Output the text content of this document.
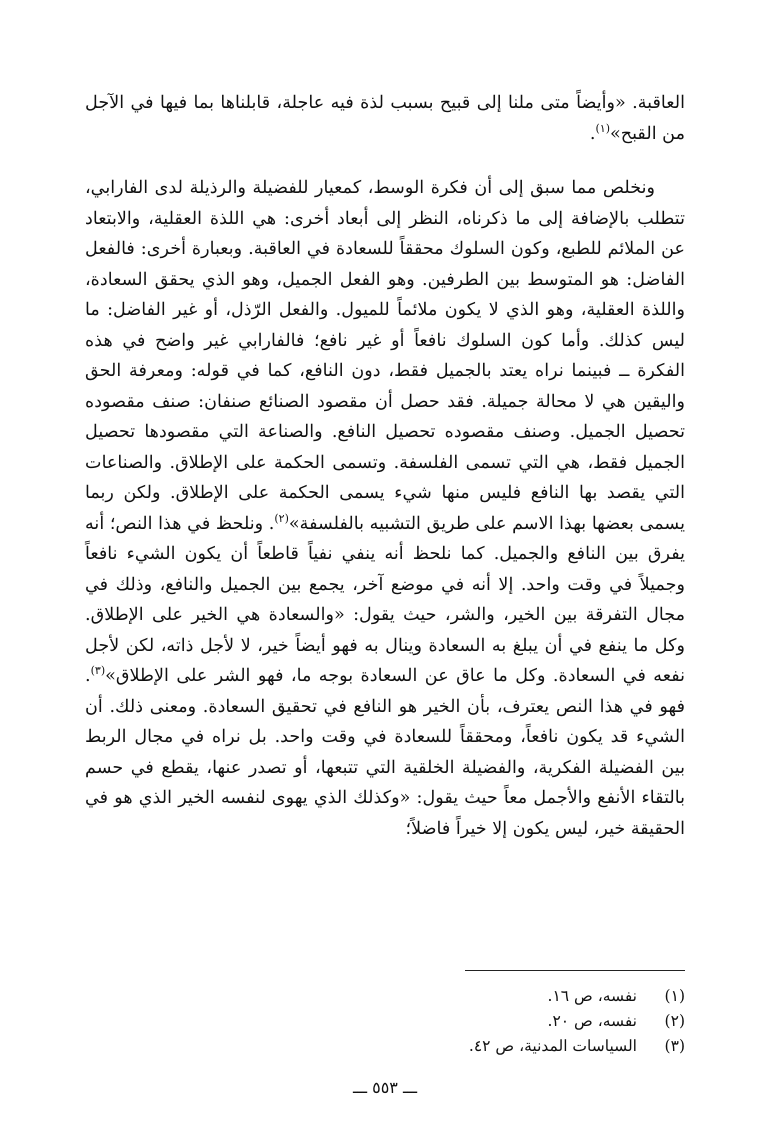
العاقبة. «وأيضاً متى ملنا إلى قبيح بسبب لذة فيه عاجلة، قابلناها بما فيها في الآجل من القبح»$^{(١)}$.

ونخلص مما سبق إلى أن فكرة الوسط، كمعيار للفضيلة والرذيلة لدى الفارابي، تتطلب بالإضافة إلى ما ذكرناه، النظر إلى أبعاد أخرى: هي اللذة العقلية، والابتعاد عن الملائم للطبع، وكون السلوك محققاً للسعادة في العاقبة. وبعبارة أخرى: فالفعل الفاضل: هو المتوسط بين الطرفين. وهو الفعل الجميل، وهو الذي يحقق السعادة، واللذة العقلية، وهو الذي لا يكون ملائماً للميول. والفعل الرّذل، أو غير الفاضل: ما ليس كذلك. وأما كون السلوك نافعاً أو غير نافع؛ فالفارابي غير واضح في هذه الفكرة ــ فبينما نراه يعتد بالجميل فقط، دون النافع، كما في قوله: ومعرفة الحق واليقين هي لا محالة جميلة. فقد حصل أن مقصود الصنائع صنفان: صنف مقصوده تحصيل الجميل. وصنف مقصوده تحصيل النافع. والصناعة التي مقصودها تحصيل الجميل فقط، هي التي تسمى الفلسفة. وتسمى الحكمة على الإطلاق. والصناعات التي يقصد بها النافع فليس منها شيء يسمى الحكمة على الإطلاق. ولكن ربما يسمى بعضها بهذا الاسم على طريق التشبيه بالفلسفة»$^{(٢)}$. ونلحظ في هذا النص؛ أنه يفرق بين النافع والجميل. كما نلحظ أنه ينفي نفياً قاطعاً أن يكون الشيء نافعاً وجميلاً في وقت واحد. إلا أنه في موضع آخر، يجمع بين الجميل والنافع، وذلك في مجال التفرقة بين الخير، والشر، حيث يقول: «والسعادة هي الخير على الإطلاق. وكل ما ينفع في أن يبلغ به السعادة وينال به فهو أيضاً خير، لا لأجل ذاته، لكن لأجل نفعه في السعادة. وكل ما عاق عن السعادة بوجه ما، فهو الشر على الإطلاق»$^{(٣)}$. فهو في هذا النص يعترف، بأن الخير هو النافع في تحقيق السعادة. ومعنى ذلك. أن الشيء قد يكون نافعاً، ومحققاً للسعادة في وقت واحد. بل نراه في مجال الربط بين الفضيلة الفكرية، والفضيلة الخلقية التي تتبعها، أو تصدر عنها، يقطع في حسم بالتقاء الأنفع والأجمل معاً حيث يقول: «وكذلك الذي يهوى لنفسه الخير الذي هو في الحقيقة خير، ليس يكون إلا خيراً فاضلاً؛

(١)
نفسه، ص ١٦.
(٢)
نفسه، ص ٢٠.
(٣)
السياسات المدنية، ص ٤٢.
ـــ ٥٥٣ ـــ
